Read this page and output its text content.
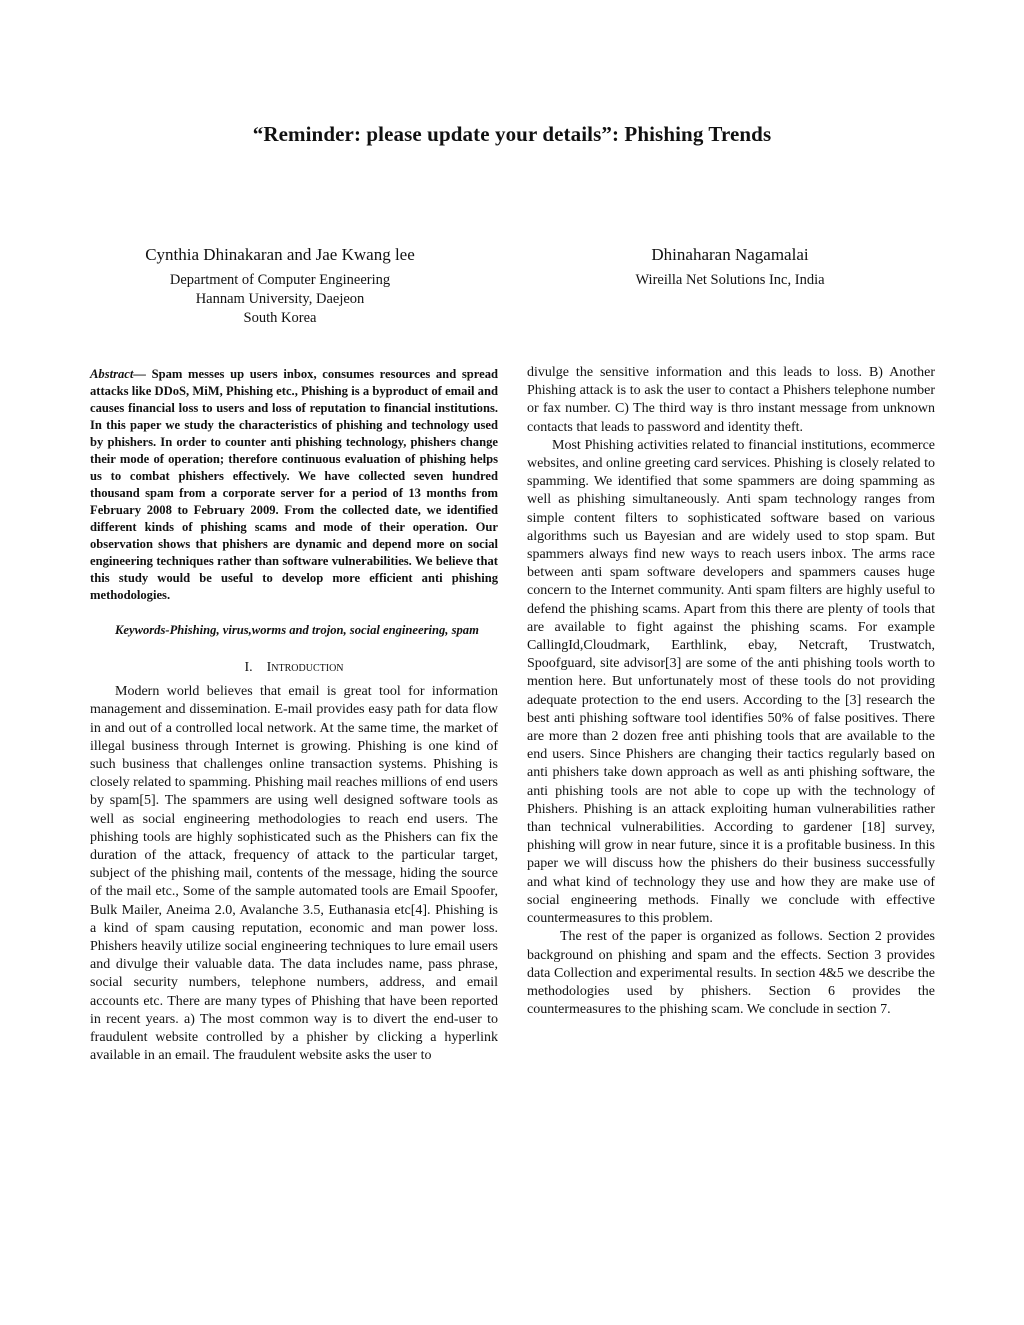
“Reminder: please update your details”: Phishing Trends
Cynthia Dhinakaran and Jae Kwang lee
Department of Computer Engineering
Hannam University, Daejeon
South Korea
Dhinaharan Nagamalai
Wireilla Net Solutions Inc, India

Abstract— Spam messes up users inbox, consumes resources and spread attacks like DDoS, MiM, Phishing etc., Phishing is a byproduct of email and causes financial loss to users and loss of reputation to financial institutions. In this paper we study the characteristics of phishing and technology used by phishers. In order to counter anti phishing technology, phishers change their mode of operation; therefore continuous evaluation of phishing helps us to combat phishers effectively. We have collected seven hundred thousand spam from a corporate server for a period of 13 months from February 2008 to February 2009. From the collected date, we identified different kinds of phishing scams and mode of their operation. Our observation shows that phishers are dynamic and depend more on social engineering techniques rather than software vulnerabilities. We believe that this study would be useful to develop more efficient anti phishing methodologies.

Keywords-Phishing, virus,worms and trojon, social engineering, spam

I. Introduction

Modern world believes that email is great tool for information management and dissemination. E-mail provides easy path for data flow in and out of a controlled local network. At the same time, the market of illegal business through Internet is growing. Phishing is one kind of such business that challenges online transaction systems. Phishing is closely related to spamming. Phishing mail reaches millions of end users by spam[5]. The spammers are using well designed software tools as well as social engineering methodologies to reach end users. The phishing tools are highly sophisticated such as the Phishers can fix the duration of the attack, frequency of attack to the particular target, subject of the phishing mail, contents of the message, hiding the source of the mail etc., Some of the sample automated tools are Email Spoofer, Bulk Mailer, Aneima 2.0, Avalanche 3.5, Euthanasia etc[4]. Phishing is a kind of spam causing reputation, economic and man power loss. Phishers heavily utilize social engineering techniques to lure email users and divulge their valuable data. The data includes name, pass phrase, social security numbers, telephone numbers, address, and email accounts etc. There are many types of Phishing that have been reported in recent years. a) The most common way is to divert the end-user to fraudulent website controlled by a phisher by clicking a hyperlink available in an email. The fraudulent website asks the user to

divulge the sensitive information and this leads to loss. B) Another Phishing attack is to ask the user to contact a Phishers telephone number or fax number. C) The third way is thro instant message from unknown contacts that leads to password and identity theft.

Most Phishing activities related to financial institutions, ecommerce websites, and online greeting card services. Phishing is closely related to spamming. We identified that some spammers are doing spamming as well as phishing simultaneously. Anti spam technology ranges from simple content filters to sophisticated software based on various algorithms such us Bayesian and are widely used to stop spam. But spammers always find new ways to reach users inbox. The arms race between anti spam software developers and spammers causes huge concern to the Internet community. Anti spam filters are highly useful to defend the phishing scams. Apart from this there are plenty of tools that are available to fight against the phishing scams. For example CallingId,Cloudmark, Earthlink, ebay, Netcraft, Trustwatch, Spoofguard, site advisor[3] are some of the anti phishing tools worth to mention here. But unfortunately most of these tools do not providing adequate protection to the end users. According to the [3] research the best anti phishing software tool identifies 50% of false positives. There are more than 2 dozen free anti phishing tools that are available to the end users. Since Phishers are changing their tactics regularly based on anti phishers take down approach as well as anti phishing software, the anti phishing tools are not able to cope up with the technology of Phishers. Phishing is an attack exploiting human vulnerabilities rather than technical vulnerabilities. According to gardener [18] survey, phishing will grow in near future, since it is a profitable business. In this paper we will discuss how the phishers do their business successfully and what kind of technology they use and how they are make use of social engineering methods. Finally we conclude with effective countermeasures to this problem.

The rest of the paper is organized as follows. Section 2 provides background on phishing and spam and the effects. Section 3 provides data Collection and experimental results. In section 4&5 we describe the methodologies used by phishers. Section 6 provides the countermeasures to the phishing scam. We conclude in section 7.
